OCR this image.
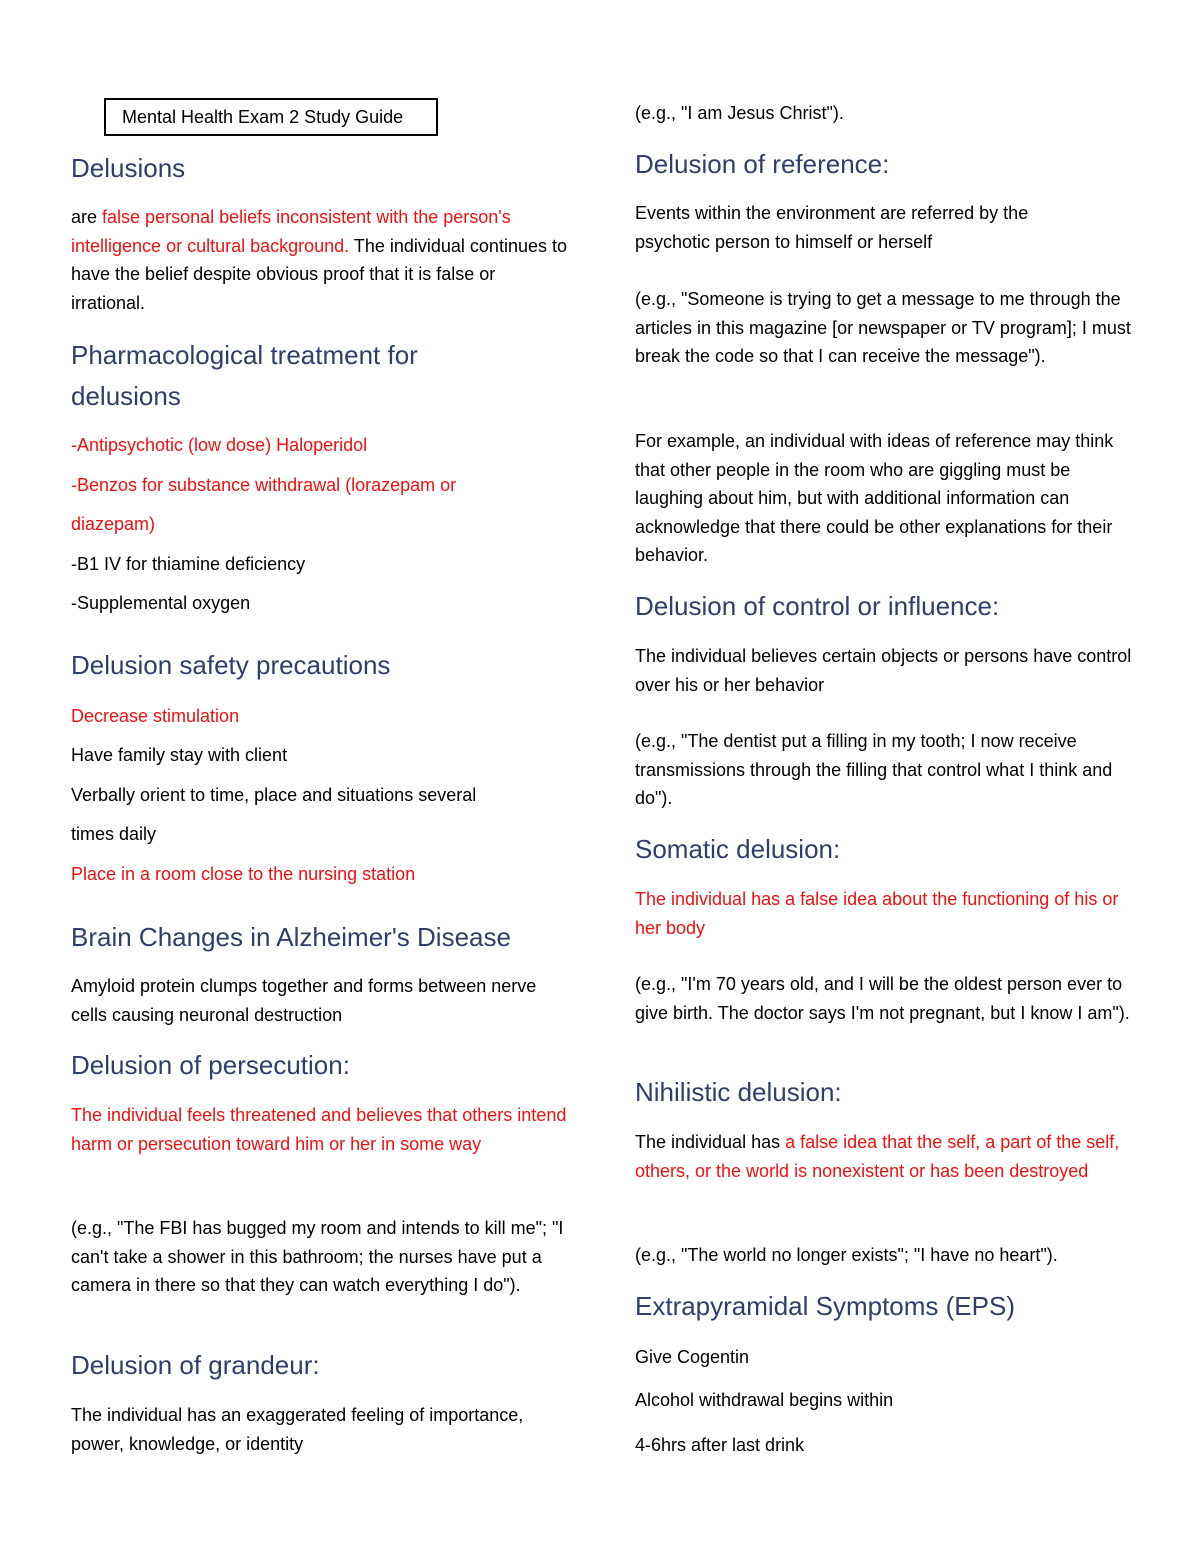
Mental Health Exam 2 Study Guide
Delusions
are false personal beliefs inconsistent with the person's intelligence or cultural background. The individual continues to have the belief despite obvious proof that it is false or irrational.
Pharmacological treatment for
delusions
-Antipsychotic (low dose) Haloperidol
-Benzos for substance withdrawal (lorazepam or
diazepam)
-B1 IV for thiamine deficiency
-Supplemental oxygen
Delusion safety precautions
Decrease stimulation
Have family stay with client
Verbally orient to time, place and situations several
times daily
Place in a room close to the nursing station
Brain Changes in Alzheimer's Disease
Amyloid protein clumps together and forms between nerve cells causing neuronal destruction
Delusion of persecution:
The individual feels threatened and believes that others intend harm or persecution toward him or her in some way
(e.g., "The FBI has bugged my room and intends to kill me"; "I can't take a shower in this bathroom; the nurses have put a camera in there so that they can watch everything I do").
Delusion of grandeur:
The individual has an exaggerated feeling of importance, power, knowledge, or identity
(e.g., "I am Jesus Christ").
Delusion of reference:
Events within the environment are referred by the psychotic person to himself or herself
(e.g., "Someone is trying to get a message to me through the articles in this magazine [or newspaper or TV program]; I must break the code so that I can receive the message").
For example, an individual with ideas of reference may think that other people in the room who are giggling must be laughing about him, but with additional information can acknowledge that there could be other explanations for their behavior.
Delusion of control or influence:
The individual believes certain objects or persons have control over his or her behavior
(e.g., "The dentist put a filling in my tooth; I now receive transmissions through the filling that control what I think and do").
Somatic delusion:
The individual has a false idea about the functioning of his or her body
(e.g., "I'm 70 years old, and I will be the oldest person ever to give birth. The doctor says I'm not pregnant, but I know I am").
Nihilistic delusion:
The individual has a false idea that the self, a part of the self, others, or the world is nonexistent or has been destroyed
(e.g., "The world no longer exists"; "I have no heart").
Extrapyramidal Symptoms (EPS)
Give Cogentin
Alcohol withdrawal begins within
4-6hrs after last drink
